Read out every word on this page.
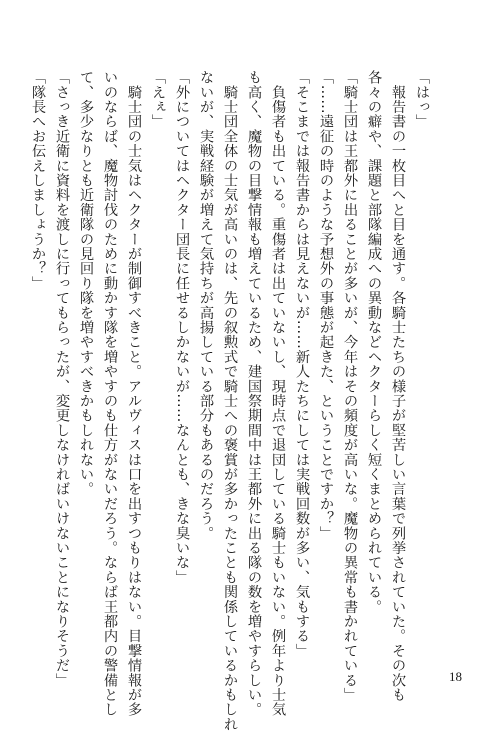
「はっ」
　報告書の一枚目へと目を通す。各騎士たちの様子が堅苦しい言葉で列挙されていた。その次も
各々の癖や、課題と部隊編成への異動などヘクターらしく短くまとめられている。
「騎士団は王都外に出ることが多いが、今年はその頻度が高いな。魔物の異常も書かれている」
「……遠征の時のような予想外の事態が起きた、ということですか？」
「そこまでは報告書からは見えないが……新人たちにしては実戦回数が多い、気もする」
　負傷者も出ている。重傷者は出ていないし、現時点で退団している騎士もいない。例年より士気
も高く、魔物の目撃情報も増えているため、建国祭期間中は王都外に出る隊の数を増やすらしい。
　騎士団全体の士気が高いのは、先の叙勲式で騎士への褒賞が多かったことも関係しているかもしれ
ないが、実戦経験が増えて気持ちが高揚している部分もあるのだろう。
「外についてはヘクター団長に任せるしかないが……なんとも、きな臭いな」
「えぇ」
　騎士団の士気はヘクターが制御すべきこと。アルヴィスは口を出すつもりはない。目撃情報が多
いのならば、魔物討伐のために動かす隊を増やすのも仕方がないだろう。ならば王都内の警備とし
て、多少なりとも近衛隊の見回り隊を増やすべきかもしれない。
「さっき近衛に資料を渡しに行ってもらったが、変更しなければいけないことになりそうだ」
「隊長へお伝えしましょうか？」
18
